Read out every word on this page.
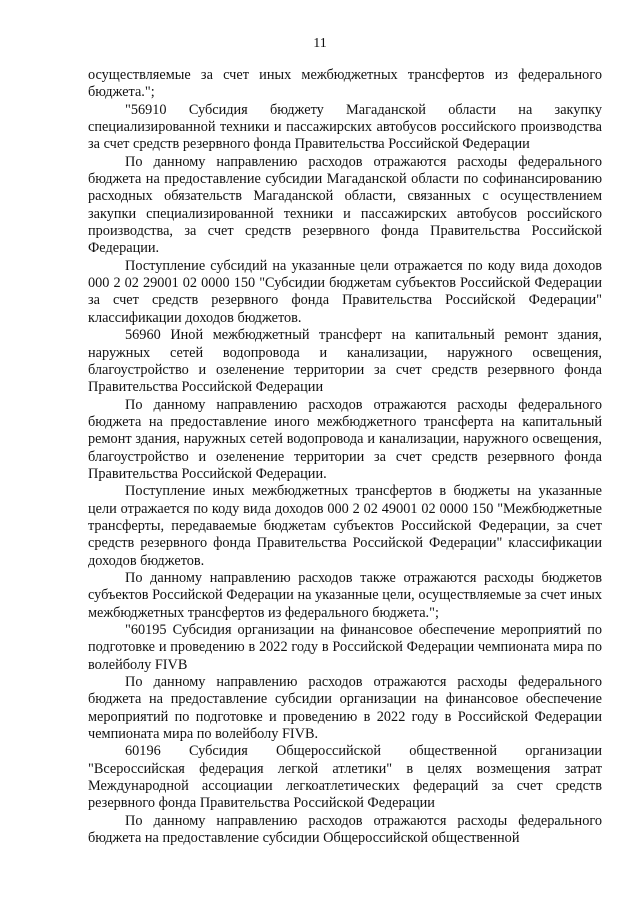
11

осуществляемые за счет иных межбюджетных трансфертов из федерального бюджета.";

"56910 Субсидия бюджету Магаданской области на закупку специализированной техники и пассажирских автобусов российского производства за счет средств резервного фонда Правительства Российской Федерации

По данному направлению расходов отражаются расходы федерального бюджета на предоставление субсидии Магаданской области по софинансированию расходных обязательств Магаданской области, связанных с осуществлением закупки специализированной техники и пассажирских автобусов российского производства, за счет средств резервного фонда Правительства Российской Федерации.

Поступление субсидий на указанные цели отражается по коду вида доходов 000 2 02 29001 02 0000 150 "Субсидии бюджетам субъектов Российской Федерации за счет средств резервного фонда Правительства Российской Федерации" классификации доходов бюджетов.

56960 Иной межбюджетный трансферт на капитальный ремонт здания, наружных сетей водопровода и канализации, наружного освещения, благоустройство и озеленение территории за счет средств резервного фонда Правительства Российской Федерации

По данному направлению расходов отражаются расходы федерального бюджета на предоставление иного межбюджетного трансферта на капитальный ремонт здания, наружных сетей водопровода и канализации, наружного освещения, благоустройство и озеленение территории за счет средств резервного фонда Правительства Российской Федерации.

Поступление иных межбюджетных трансфертов в бюджеты на указанные цели отражается по коду вида доходов 000 2 02 49001 02 0000 150 "Межбюджетные трансферты, передаваемые бюджетам субъектов Российской Федерации, за счет средств резервного фонда Правительства Российской Федерации" классификации доходов бюджетов.

По данному направлению расходов также отражаются расходы бюджетов субъектов Российской Федерации на указанные цели, осуществляемые за счет иных межбюджетных трансфертов из федерального бюджета.";

"60195 Субсидия организации на финансовое обеспечение мероприятий по подготовке и проведению в 2022 году в Российской Федерации чемпионата мира по волейболу FIVB

По данному направлению расходов отражаются расходы федерального бюджета на предоставление субсидии организации на финансовое обеспечение мероприятий по подготовке и проведению в 2022 году в Российской Федерации чемпионата мира по волейболу FIVB.

60196 Субсидия Общероссийской общественной организации "Всероссийская федерация легкой атлетики" в целях возмещения затрат Международной ассоциации легкоатлетических федераций за счет средств резервного фонда Правительства Российской Федерации

По данному направлению расходов отражаются расходы федерального бюджета на предоставление субсидии Общероссийской общественной
